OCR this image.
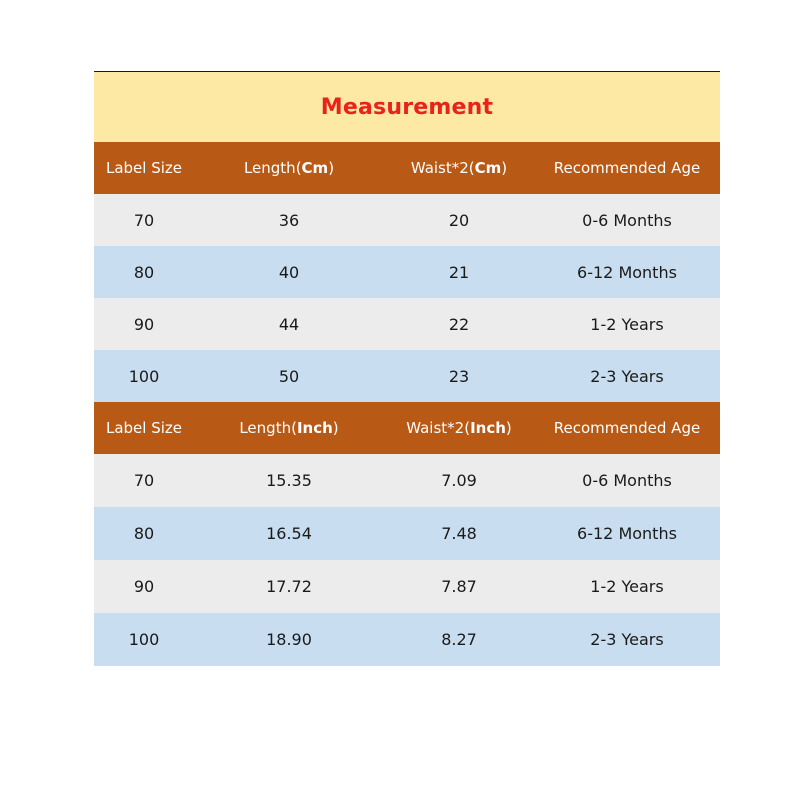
Measurement
Label Size	Length( Cm )	Waist*2( Cm )	Recommended Age
70	36	20	0-6 Months
80	40	21	6-12 Months
90	44	22	1-2 Years
100	50	23	2-3 Years
Label Size	Length( Inch )	Waist*2( Inch )	Recommended Age
70	15.35	7.09	0-6 Months
80	16.54	7.48	6-12 Months
90	17.72	7.87	1-2 Years
100	18.90	8.27	2-3 Years
